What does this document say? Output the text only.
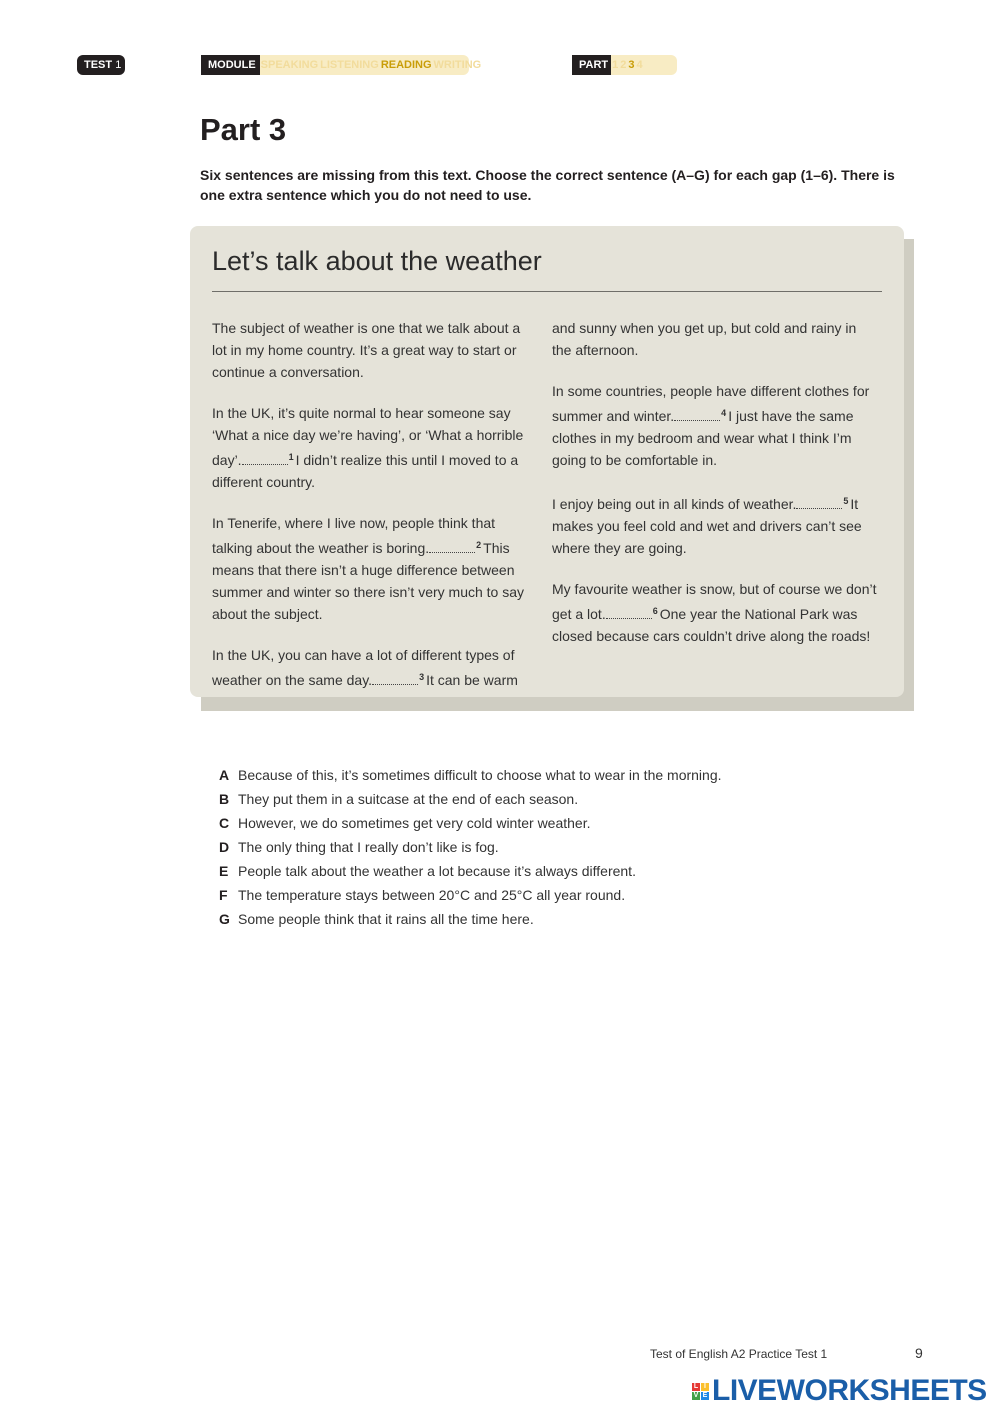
TEST 1	MODULE SPEAKING LISTENING READING WRITING	PART 1 2 3 4
Part 3

Six sentences are missing from this text. Choose the correct sentence (A–G) for each gap (1–6). There is one extra sentence which you do not need to use.

Let’s talk about the weather

The subject of weather is one that we talk about a lot in my home country. It’s a great way to start or continue a conversation.

In the UK, it’s quite normal to hear someone say ‘What a nice day we’re having’, or ‘What a horrible day’.	$^1$ I didn’t realize this until I moved to a different country.

In Tenerife, where I live now, people think that talking about the weather is boring.	$^2$ This means that there isn’t a huge difference between summer and winter so there isn’t very much to say about the subject.

In the UK, you can have a lot of different types of weather on the same day.	$^3$ It can be warm

and sunny when you get up, but cold and rainy in the afternoon.

In some countries, people have different clothes for summer and winter.	$^4$ I just have the same clothes in my bedroom and wear what I think I’m going to be comfortable in.

I enjoy being out in all kinds of weather.	$^5$ It makes you feel cold and wet and drivers can’t see where they are going.

My favourite weather is snow, but of course we don’t get a lot.	$^6$ One year the National Park was closed because cars couldn’t drive along the roads!

A Because of this, it’s sometimes difficult to choose what to wear in the morning.
B They put them in a suitcase at the end of each season.
C However, we do sometimes get very cold winter weather.
D The only thing that I really don’t like is fog.
E People talk about the weather a lot because it’s always different.
F The temperature stays between 20°C and 25°C all year round.
G Some people think that it rains all the time here.
Test of English A2 Practice Test 1	9
L I
V E LIVEWORKSHEETS
